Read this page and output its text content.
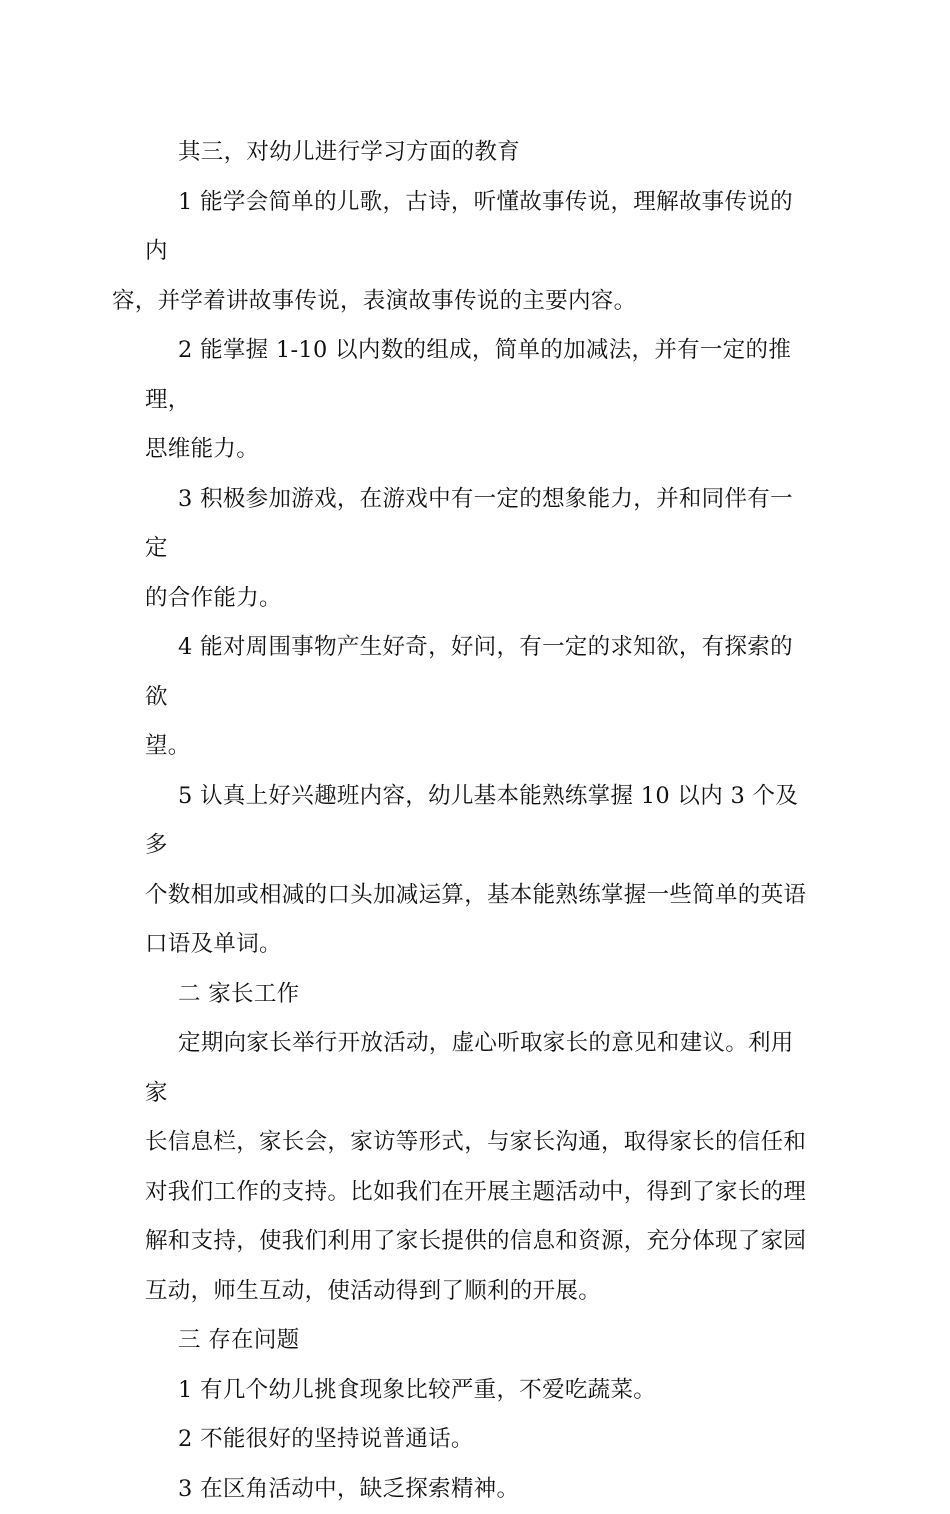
其三，对幼儿进行学习方面的教育

1 能学会简单的儿歌，古诗，听懂故事传说，理解故事传说的内
容，并学着讲故事传说，表演故事传说的主要内容。

2 能掌握 1-10 以内数的组成，简单的加减法，并有一定的推理，
思维能力。

3 积极参加游戏，在游戏中有一定的想象能力，并和同伴有一定
的合作能力。

4 能对周围事物产生好奇，好问，有一定的求知欲，有探索的欲
望。

5 认真上好兴趣班内容，幼儿基本能熟练掌握 10 以内 3 个及多
个数相加或相减的口头加减运算，基本能熟练掌握一些简单的英语
口语及单词。

二 家长工作

定期向家长举行开放活动，虚心听取家长的意见和建议。利用家
长信息栏，家长会，家访等形式，与家长沟通，取得家长的信任和
对我们工作的支持。比如我们在开展主题活动中，得到了家长的理
解和支持，使我们利用了家长提供的信息和资源，充分体现了家园
互动，师生互动，使活动得到了顺利的开展。

三 存在问题

1 有几个幼儿挑食现象比较严重，不爱吃蔬菜。

2 不能很好的坚持说普通话。

3 在区角活动中，缺乏探索精神。
